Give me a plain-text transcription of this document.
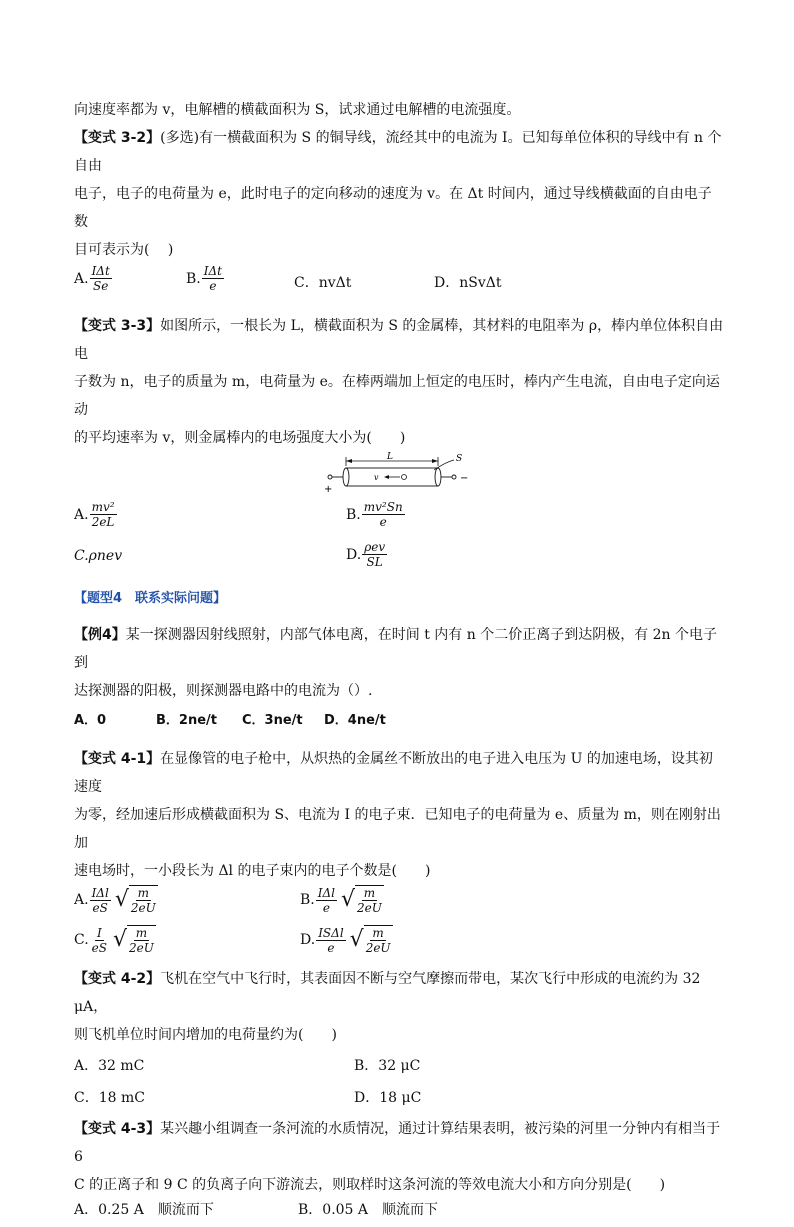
向速度率都为 v，电解槽的横截面积为 S，试求通过电解槽的电流强度。

【变式 3-2】(多选)有一横截面积为 S 的铜导线，流经其中的电流为 I。已知每单位体积的导线中有 n 个自由

电子，电子的电荷量为 e，此时电子的定向移动的速度为 v。在 Δt 时间内，通过导线横截面的自由电子数

目可表示为(　 )

A. $\frac{\text{IΔt}}{Se}$	B. $\frac{\text{IΔt}}{e}$	C．nvΔt	D．nSvΔt

【变式 3-3】如图所示，一根长为 L，横截面积为 S 的金属棒，其材料的电阻率为 ρ，棒内单位体积自由电

子数为 n，电子的质量为 m，电荷量为 e。在棒两端加上恒定的电压时，棒内产生电流，自由电子定向运动

的平均速率为 v，则金属棒内的电场强度大小为(　　)

L
+
−
v
S
A. $\frac{\text{mv²}}{2eL}$	B. $\frac{\text{mv²Sn}}{e}$
C.ρnev	D. $\frac{\text{ρev}}{SL}$

【题型4　联系实际问题】

【例4】某一探测器因射线照射，内部气体电离，在时间 t 内有 n 个二价正离子到达阴极，有 2n 个电子到

达探测器的阳极，则探测器电路中的电流为（）.

A．0	B．2ne/t C．3ne/t D．4ne/t

【变式 4-1】在显像管的电子枪中，从炽热的金属丝不断放出的电子进入电压为 U 的加速电场，设其初速度

为零，经加速后形成横截面积为 S、电流为 I 的电子束．已知电子的电荷量为 e、质量为 m，则在刚射出加

速电场时，一小段长为 Δl 的电子束内的电子个数是(　　)

A. $\frac{\text{IΔl}}{eS}$ √ $\frac{m}{2eU}$	B. $\frac{\text{IΔl}}{e}$ √ $\frac{m}{2eU}$
C. $\frac{I}{eS}$ √ $\frac{m}{2eU}$	D. $\frac{\text{ISΔl}}{e}$ √ $\frac{m}{2eU}$

【变式 4-2】飞机在空气中飞行时，其表面因不断与空气摩擦而带电，某次飞行中形成的电流约为 32 μA，

则飞机单位时间内增加的电荷量约为(　　)

A．32 mC	B．32 μC
C．18 mC	D．18 μC

【变式 4-3】某兴趣小组调查一条河流的水质情况，通过计算结果表明，被污染的河里一分钟内有相当于 6

C 的正离子和 9 C 的负离子向下游流去，则取样时这条河流的等效电流大小和方向分别是(　　)

A．0.25 A　顺流而下	B．0.05 A　顺流而下
